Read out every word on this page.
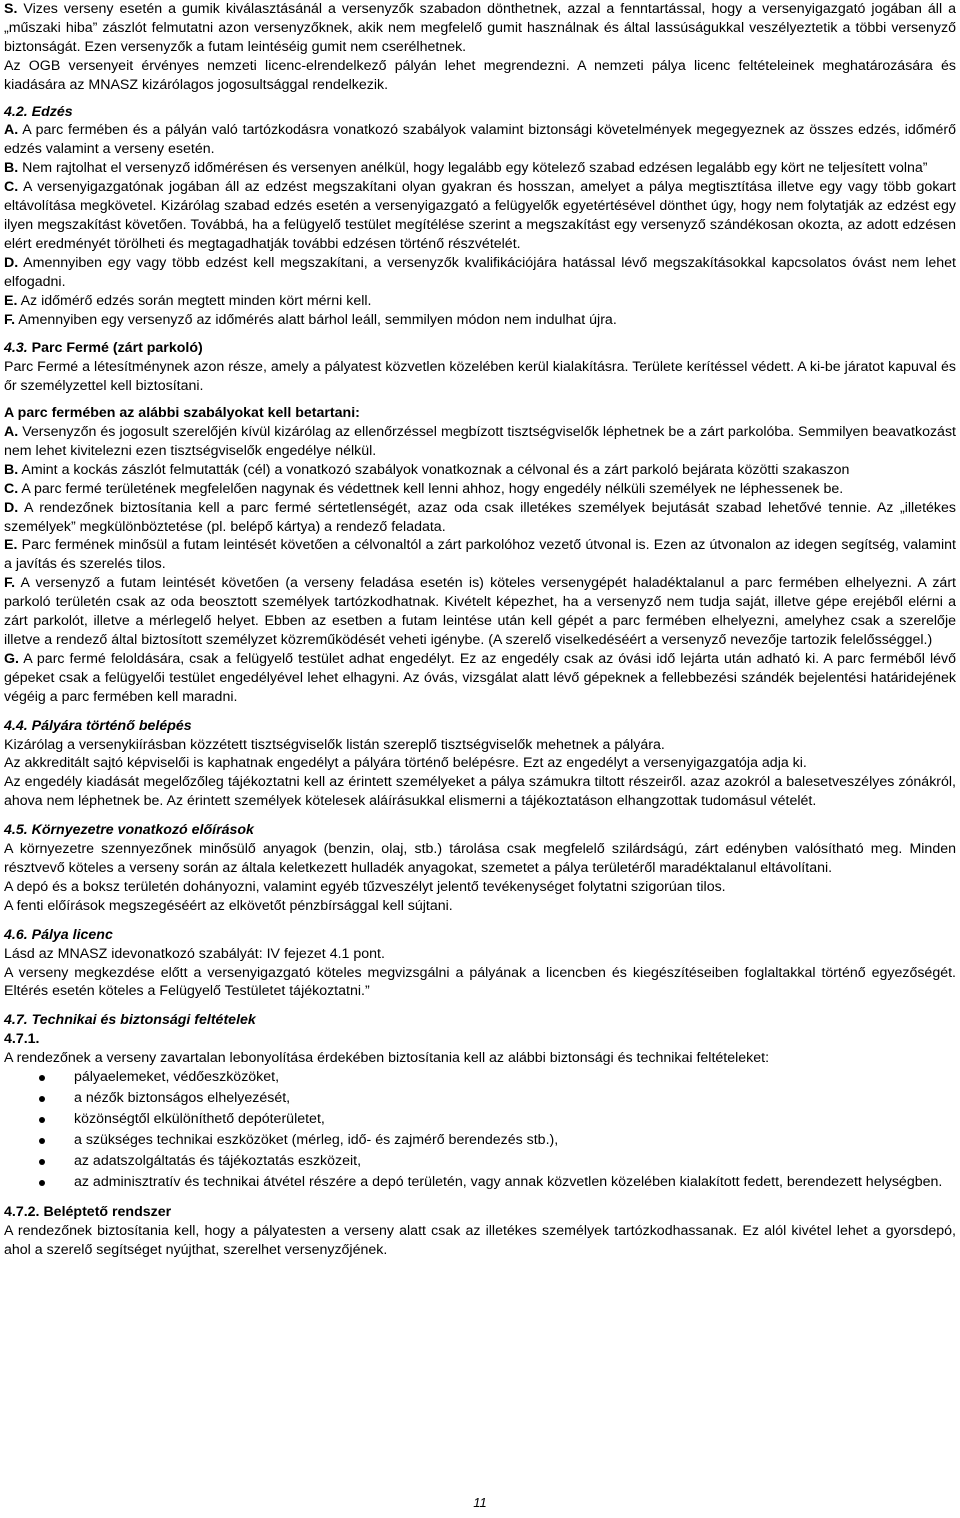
S. Vizes verseny esetén a gumik kiválasztásánál a versenyzők szabadon dönthetnek, azzal a fenntartással, hogy a versenyigazgató jogában áll a „műszaki hiba” zászlót felmutatni azon versenyzőknek, akik nem megfelelő gumit használnak és által lassúságukkal veszélyeztetik a többi versenyző biztonságát. Ezen versenyzők a futam leintéséig gumit nem cserélhetnek.

Az OGB versenyeit érvényes nemzeti licenc-elrendelkező pályán lehet megrendezni. A nemzeti pálya licenc feltételeinek meghatározására és kiadására az MNASZ kizárólagos jogosultsággal rendelkezik.

4.2. Edzés

A. A parc fermében és a pályán való tartózkodásra vonatkozó szabályok valamint biztonsági követelmények megegyeznek az összes edzés, időmérő edzés valamint a verseny esetén.

B. Nem rajtolhat el versenyző időmérésen és versenyen anélkül, hogy legalább egy kötelező szabad edzésen legalább egy kört ne teljesített volna”

C. A versenyigazgatónak jogában áll az edzést megszakítani olyan gyakran és hosszan, amelyet a pálya megtisztítása illetve egy vagy több gokart eltávolítása megkövetel. Kizárólag szabad edzés esetén a versenyigazgató a felügyelők egyetértésével dönthet úgy, hogy nem folytatják az edzést egy ilyen megszakítást követően. Továbbá, ha a felügyelő testület megítélése szerint a megszakítást egy versenyző szándékosan okozta, az adott edzésen elért eredményét törölheti és megtagadhatják további edzésen történő részvételét.

D. Amennyiben egy vagy több edzést kell megszakítani, a versenyzők kvalifikációjára hatással lévő megszakításokkal kapcsolatos óvást nem lehet elfogadni.

E. Az időmérő edzés során megtett minden kört mérni kell.

F. Amennyiben egy versenyző az időmérés alatt bárhol leáll, semmilyen módon nem indulhat újra.

4.3. Parc Fermé (zárt parkoló)

Parc Fermé a létesítménynek azon része, amely a pályatest közvetlen közelében kerül kialakításra. Területe kerítéssel védett. A ki-be járatot kapuval és őr személyzettel kell biztosítani.

A parc fermében az alábbi szabályokat kell betartani:

A. Versenyzőn és jogosult szerelőjén kívül kizárólag az ellenőrzéssel megbízott tisztségviselők léphetnek be a zárt parkolóba. Semmilyen beavatkozást nem lehet kivitelezni ezen tisztségviselők engedélye nélkül.

B. Amint a kockás zászlót felmutatták (cél) a vonatkozó szabályok vonatkoznak a célvonal és a zárt parkoló bejárata közötti szakaszon

C. A parc fermé területének megfelelően nagynak és védettnek kell lenni ahhoz, hogy engedély nélküli személyek ne léphessenek be.

D. A rendezőnek biztosítania kell a parc fermé sértetlenségét, azaz oda csak illetékes személyek bejutását szabad lehetővé tennie. Az „illetékes személyek” megkülönböztetése (pl. belépő kártya) a rendező feladata.

E. Parc fermének minősül a futam leintését követően a célvonaltól a zárt parkolóhoz vezető útvonal is. Ezen az útvonalon az idegen segítség, valamint a javítás és szerelés tilos.

F. A versenyző a futam leintését követően (a verseny feladása esetén is) köteles versenygépét haladéktalanul a parc fermében elhelyezni. A zárt parkoló területén csak az oda beosztott személyek tartózkodhatnak. Kivételt képezhet, ha a versenyző nem tudja saját, illetve gépe erejéből elérni a zárt parkolót, illetve a mérlegelő helyet. Ebben az esetben a futam leintése után kell gépét a parc fermében elhelyezni, amelyhez csak a szerelője illetve a rendező által biztosított személyzet közreműködését veheti igénybe. (A szerelő viselkedéséért a versenyző nevezője tartozik felelősséggel.)

G. A parc fermé feloldására, csak a felügyelő testület adhat engedélyt. Ez az engedély csak az óvási idő lejárta után adható ki. A parc ferméből lévő gépeket csak a felügyelői testület engedélyével lehet elhagyni. Az óvás, vizsgálat alatt lévő gépeknek a fellebbezési szándék bejelentési határidejének végéig a parc fermében kell maradni.

4.4. Pályára történő belépés

Kizárólag a versenykiírásban közzétett tisztségviselők listán szereplő tisztségviselők mehetnek a pályára.

Az akkreditált sajtó képviselői is kaphatnak engedélyt a pályára történő belépésre. Ezt az engedélyt a versenyigazgatója adja ki.

Az engedély kiadását megelőzőleg tájékoztatni kell az érintett személyeket a pálya számukra tiltott részeiről. azaz azokról a balesetveszélyes zónákról, ahova nem léphetnek be. Az érintett személyek kötelesek aláírásukkal elismerni a tájékoztatáson elhangzottak tudomásul vételét.

4.5. Környezetre vonatkozó előírások

A környezetre szennyezőnek minősülő anyagok (benzin, olaj, stb.) tárolása csak megfelelő szilárdságú, zárt edényben valósítható meg. Minden résztvevő köteles a verseny során az általa keletkezett hulladék anyagokat, szemetet a pálya területéről maradéktalanul eltávolítani.

A depó és a boksz területén dohányozni, valamint egyéb tűzveszélyt jelentő tevékenységet folytatni szigorúan tilos.

A fenti előírások megszegéséért az elkövetőt pénzbírsággal kell sújtani.

4.6. Pálya licenc

Lásd az MNASZ idevonatkozó szabályát: IV fejezet 4.1 pont.

A verseny megkezdése előtt a versenyigazgató köteles megvizsgálni a pályának a licencben és kiegészítéseiben foglaltakkal történő egyezőségét. Eltérés esetén köteles a Felügyelő Testületet tájékoztatni.”

4.7. Technikai és biztonsági feltételek

4.7.1.

A rendezőnek a verseny zavartalan lebonyolítása érdekében biztosítania kell az alábbi biztonsági és technikai feltételeket:

pályaelemeket, védőeszközöket,
a nézők biztonságos elhelyezését,
közönségtől elkülöníthető depóterületet,
a szükséges technikai eszközöket (mérleg, idő- és zajmérő berendezés stb.),
az adatszolgáltatás és tájékoztatás eszközeit,
az adminisztratív és technikai átvétel részére a depó területén, vagy annak közvetlen közelében kialakított fedett, berendezett helységben.

4.7.2. Beléptető rendszer

A rendezőnek biztosítania kell, hogy a pályatesten a verseny alatt csak az illetékes személyek tartózkodhassanak. Ez alól kivétel lehet a gyorsdepó, ahol a szerelő segítséget nyújthat, szerelhet versenyzőjének.

11
